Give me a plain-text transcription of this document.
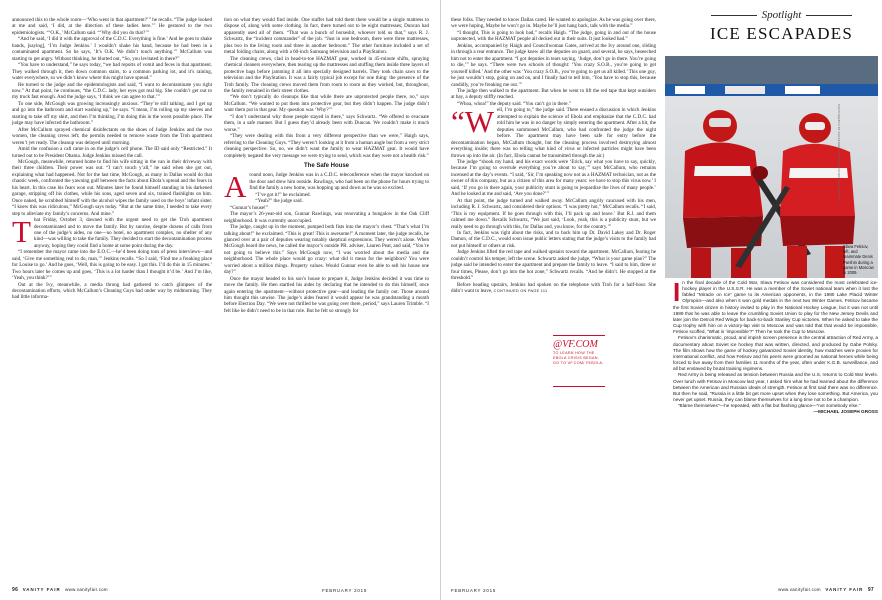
announced this to the whole room—‘Who went in that apartment?’” he recalls. “The judge looked at me and said, ‘I did, at the direction of these ladies here.’” He gestured to the two epidemiologists. “‘O.K.,’ McCallum said. “‘Why did you do that?’”

“And he said, ‘I did it with the approval of the C.D.C. Everything is fine.’ And he goes to shake hands, [saying], ‘I’m Judge Jenkins.’ I wouldn’t shake his hand, because he had been in a contaminated apartment. So he says, ‘It’s O.K. We didn’t touch anything.’” McCallum was starting to get angry. Without thinking, he blurted out, “So, you levitated in there?”

“You have to understand,” he says today, “we had reports of vomit and feces in that apartment. They walked through it, then down common stairs, to a common parking lot, and it’s raining, water everywhere, so we didn’t know where this might have spread.”

He turned to the judge and the epidemiologists and said, “I want to decontaminate you right now.” At that point, he continues, “the C.D.C. lady, her eyes got real big. She couldn’t get out to my truck fast enough. And the judge says, ‘I think we can agree to that.’”

To one side, McGough was growing increasingly anxious. “They’re still talking, and I get up and go into the bathroom and start washing up,” he says. “I mean, I’m rolling up my sleeves and starting to take off my shirt, and then I’m thinking, I’m doing this in the worst possible place. The judge may have infected the bathroom.”

After McCallum sprayed chemical disinfectants on the shoes of Judge Jenkins and the two women, the cleaning crews left; the permits needed to remove waste from the Troh apartment weren’t yet ready. The cleanup was delayed until morning.

Amid the confusion a call came in on the judge’s cell phone. The ID said only “Restricted.” It turned out to be President Obama. Judge Jenkins missed the call.

McGough, meanwhile, returned home to find his wife sitting in the van in their driveway with their three children. Their power was out. “I can’t touch y’all,” he said when she got out, explaining what had happened. Not for the last time, McGough, as many in Dallas would do that chaotic week, confronted the yawning gulf between the facts about Ebola’s spread and the fears in his heart. In this case his fears won out. Minutes later he found himself standing in his darkened garage, stripping off his clothes, while his sons, aged seven and six, trained flashlights on him. Once naked, he scrubbed himself with the alcohol wipes the family used on the boys’ infant sister. “I knew this was ridiculous,” McGough says today. “But at the same time, I needed to take every step to alleviate my family’s concerns. And mine.”

That Friday, October 3, dawned with the urgent need to get the Troh apartment decontaminated and to move the family. But by sunrise, despite dozens of calls from one of the judge’s aides, no one—no hotel, no apartment complex, no shelter of any kind—was willing to take the family. They decided to start the decontamination process anyway, hoping they could find a home at some point during the day.

“I remember the mayor came into the E.O.C.—he’d been doing tons of press interviews—and said, ‘Give me something real to do, man,’” Jenkins recalls. “So I said, ‘Find me a freaking place for Louise to go.’ And he goes, ‘Well, this is going to be easy. I got this. I’ll do this in 15 minutes.’ Two hours later he comes up and goes, ‘This is a lot harder than I thought it’d be.’ And I’m like, ‘Yeah, you think?’”

Out at the Ivy, meanwhile, a media throng had gathered to catch glimpses of the decontamination efforts, which McCallum’s Cleaning Guys had under way by midmorning. They had little informa-

tion on what they would find inside. One staffer had told them there would be a single mattress to dispose of, along with some clothing. In fact, there turned out to be eight mattresses; Duncan had apparently used all of them. “That was a bunch of horseshit, whoever told us that,” says R. J. Schwartz, the “incident commander” of the job. “Just in one bedroom, there were three mattresses, plus two in the living room and three in another bedroom.” The other furniture included a set of metal folding chairs, along with a 60-inch Samsung television and a PlayStation.

The cleaning crews, clad in head-to-toe HAZMAT gear, worked in 45-minute shifts, spraying chemical cleaners everywhere, then tearing up the mattresses and stuffing them inside three layers of protective bags before jamming it all into specially designed barrels. They took chain saws to the television and the PlayStation. It was a fairly typical job except for one thing: the presence of the Troh family. The cleaning crews moved them from room to room as they worked, but, throughout, the family remained in their street clothes.

“We don’t typically do cleanups like that while there are unprotected people there, no,” says McCallum. “We wanted to put them into protective gear, but they didn’t happen. The judge didn’t want them put in that gear. My question was ‘Why?’”

“I don’t understand why those people stayed in there,” says Schwartz. “We offered to evacuate them, in a safe manner. But I guess they’d already been with Duncan. We couldn’t make it much worse.”

“They were dealing with this from a very different perspective than we were,” Haigh says, referring to the Cleaning Guys. “They weren’t looking at it from a human angle but from a very strict cleaning perspective. So, no, we didn’t want the family to wear HAZMAT gear. It would have completely negated the very message we were trying to send, which was they were not a health risk.”

The Safe House

Around noon, Judge Jenkins was in a C.D.C. teleconference when the mayor knocked on the door and drew him outside. Rawlings, who had been on the phone for hours trying to find the family a new home, was hopping up and down as he was so excited.

“I’ve got it!” he exclaimed.

“Yeah?” the judge said.

“Gunnar’s house!”

The mayor’s 26-year-old son, Gunnar Rawlings, was renovating a bungalow in the Oak Cliff neighborhood. It was currently unoccupied.

The judge, caught up in the moment, pumped both fists into the mayor’s chest. “That’s what I’m talking about!” he exclaimed. “This is great! This is awesome!” A moment later, the judge recalls, he glanced over at a pair of deputies wearing notably skeptical expressions. They weren’t alone. When McGough heard the news, he called the mayor’s outside PR. adviser, Lauren Peat, and said, “You’re not going to believe this.” Says McGough now, “I was worried about the media and the neighborhood. The whole place would go crazy: what did it mean for the neighbors? You were worried about a million things. Property values. Would Gunnar even be able to sell his house one day?”

Once the mayor headed to his son’s house to prepare it, Judge Jenkins decided it was time to move the family. He then startled his aides by declaring that he intended to do this himself, once again entering the apartment—without protective gear—and leading the family out. Those around him thought this unwise. The judge’s aides feared it would appear he was grandstanding a month before Election Day. “We were not thrilled he was going over there, period,” says Lauren Trimble. “I felt like he didn’t need to be in that role. But he felt so strongly for

96 VANITY FAIR www.vanityfair.com	FEBRUARY 2015

these folks. They needed to know Dallas cared. He wanted to apologize. As he was going over there, we were hoping, Maybe he won’t go in. Maybe he’ll just hang back, talk with the media.”

“I thought, This is going to look bad,” recalls Haigh. “The judge, going in and out of the house unprotected, with the HAZMAT people all decked out in their suits. It just looked bad.”

Jenkins, accompanied by Haigh and Councilwoman Gates, arrived at the Ivy around one, sliding in through a rear entrance. The judge knew all the deputies on guard, and several, he says, beseeched him not to enter the apartment. “I got deputies in tears saying, ‘Judge, don’t go in there. You’re going to die,’” he says. “There were two schools of thought: ‘You crazy S.O.B., you’re going to get yourself killed.’ And the other was ‘You crazy S.O.B., you’re going to get us all killed.’ This one guy, he just wouldn’t stop, going on and on, and I finally had to tell him, ‘You have to stop this, because candidly, you’re freaking me out.’”

The judge then walked to the apartment. But when he went to lift the red tape that kept outsiders at bay, a deputy stiffly reached.

“Whoa, whoa!” the deputy said. “You can’t go in there.”

“Well, I’m going to,” the judge said. There ensued a discussion in which Jenkins attempted to explain the science of Ebola and emphasize that the C.D.C. had told him he was in no danger by simply entering the apartment. After a bit, the deputies summoned McCallum, who had confronted the judge the night before. The apartment may have been safe for entry before the decontamination began, McCallum thought, but the cleaning process involved destroying almost everything inside; there was no telling what kind of virus or infected particles might have been thrown up into the air. (In fact, Ebola cannot be transmitted through the air.)

The judge “shook my hand, and his exact words were ‘Erick, say what you have to say, quickly, because I’m going to overrule everything you’re about to say,’” says McCallum, who remains incensed at the day’s events. “I said, ‘Sir, I’m speaking now not as a HAZMAT technician, not as the owner of this company, but as a citizen of this area for many years: we have to stop this virus now.’ I said, ‘If you go in there again, your publicity stunt is going to jeopardize the lives of many people.’ And he looked at me and said, ‘Are you done?’”

At that point, the judge turned and walked away. McCallum angrily caucused with his men, including R. J. Schwartz, and considered their options. “I was pretty hot,” McCallum recalls. “I said, ‘This is my equipment. If he goes through with this, I’ll pack up and leave.’ But R.J. and them calmed me down.” Recalls Schwartz, “We just said, ‘Look, yeah, this is a publicity stunt, but we really need to go through with this, for Dallas and, you know, for the country.’”

In fact, Jenkins was right about the risks, and to back him up Dr. David Lakey and Dr. Roger Damon, of the C.D.C., would soon issue public letters stating that the judge’s visits to the family had not put himself or others at risk.

Judge Jenkins lifted the red tape and walked upstairs toward the apartment. McCallum, fearing he couldn’t control his temper, left the scene. Schwartz asked the judge, “What is your game plan?” The judge said he intended to enter the apartment and prepare the family to leave. “I said to him, three or four times, Please, don’t go into the hot zone,” Schwartz recalls. “And he didn’t. He stopped at the threshold.”

Before heading upstairs, Jenkins had spoken on the telephone with Troh for a half-hour. She didn’t want to leave, CONTINUED ON PAGE 111

@VF.COM
TO LEARN HOW THE EBOLA CRISIS BEGAN, GO TO VF.COM/ FEBOLA.
Spotlight
ICE ESCAPADES
PHOTOGRAPH BY ALEXANDER DEMIANCHUK/REUTERS/CORBIS
Slava Fetisov, left, and teammate Denis Parshin during a game in Moscow in 2009.

In the final decade of the Cold War, Slava Fetisov was considered the most celebrated ice-hockey player in the U.S.S.R. He was a member of the Soviet national team when it lost the fabled “Miracle on Ice” game to its American opponents, in the 1980 Lake Placid Winter Olympics—and also when it won gold medals in the next two Winter Games. Fetisov became the first Soviet citizen in history invited to play in the National Hockey League, but it was not until 1989 that he was able to leave the crumbling Soviet Union to play for the New Jersey Devils and later join the Detroit Red Wings for back-to-back Stanley Cup victories. When he asked to take the Cup trophy with him on a victory-lap visit to Moscow and was told that that would be impossible, Fetisov scoffed, “What is ‘impossible’?” Then he took the Cup to Moscow.

Fetisov’s charismatic, proud, and impish screen presence is the central attraction of Red Army, a documentary about Soviet ice hockey that was written, directed, and produced by Gabe Polsky. The film shows how the game of hockey galvanized Soviet identity, how matches were proxies for international conflict, and how Fetisov and his peers were groomed as national heroes while being forced to live away from their families 11 months of the year, often under K.G.B. surveillance, and all but enslaved by brutal training regimens.

Red Army is being released as tension between Russia and the U.S. returns to Cold War levels. Over lunch with Fetisov in Moscow last year, I asked him what he had learned about the difference between the American and Russian ideals of strength. Fetisov at first said there was no difference. But then he said, “Russia is a little bit get more upset when they lose something. But America, you never get upset. Russia, they can blame themselves for a long time not to be a champion.

“Blame themselves”—he repeated, with a flat but flashing glance—“not somebody else.”
—MICHAEL JOSEPH GROSS

FEBRUARY 2015	www.vanityfair.com VANITY FAIR 97
